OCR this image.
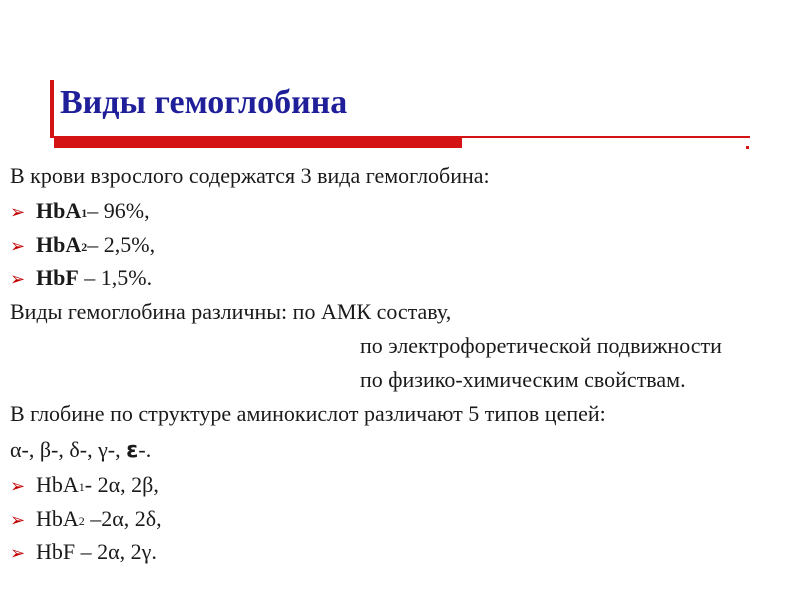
Виды гемоглобина
В крови взрослого содержатся 3 вида гемоглобина:
➢ HbA$_1$– 96%,
➢ HbA$_2$– 2,5%,
➢ HbF – 1,5%.
Виды гемоглобина различны: по АМК составу,
по электрофоретической подвижности
по физико-химическим свойствам.
В глобине по структуре аминокислот различают 5 типов цепей:
α-, β-, δ-, γ-, ε-.
➢ HbA$_1$- 2α, 2β,
➢ HbA$_2$ –2α, 2δ,
➢ HbF – 2α, 2γ.
